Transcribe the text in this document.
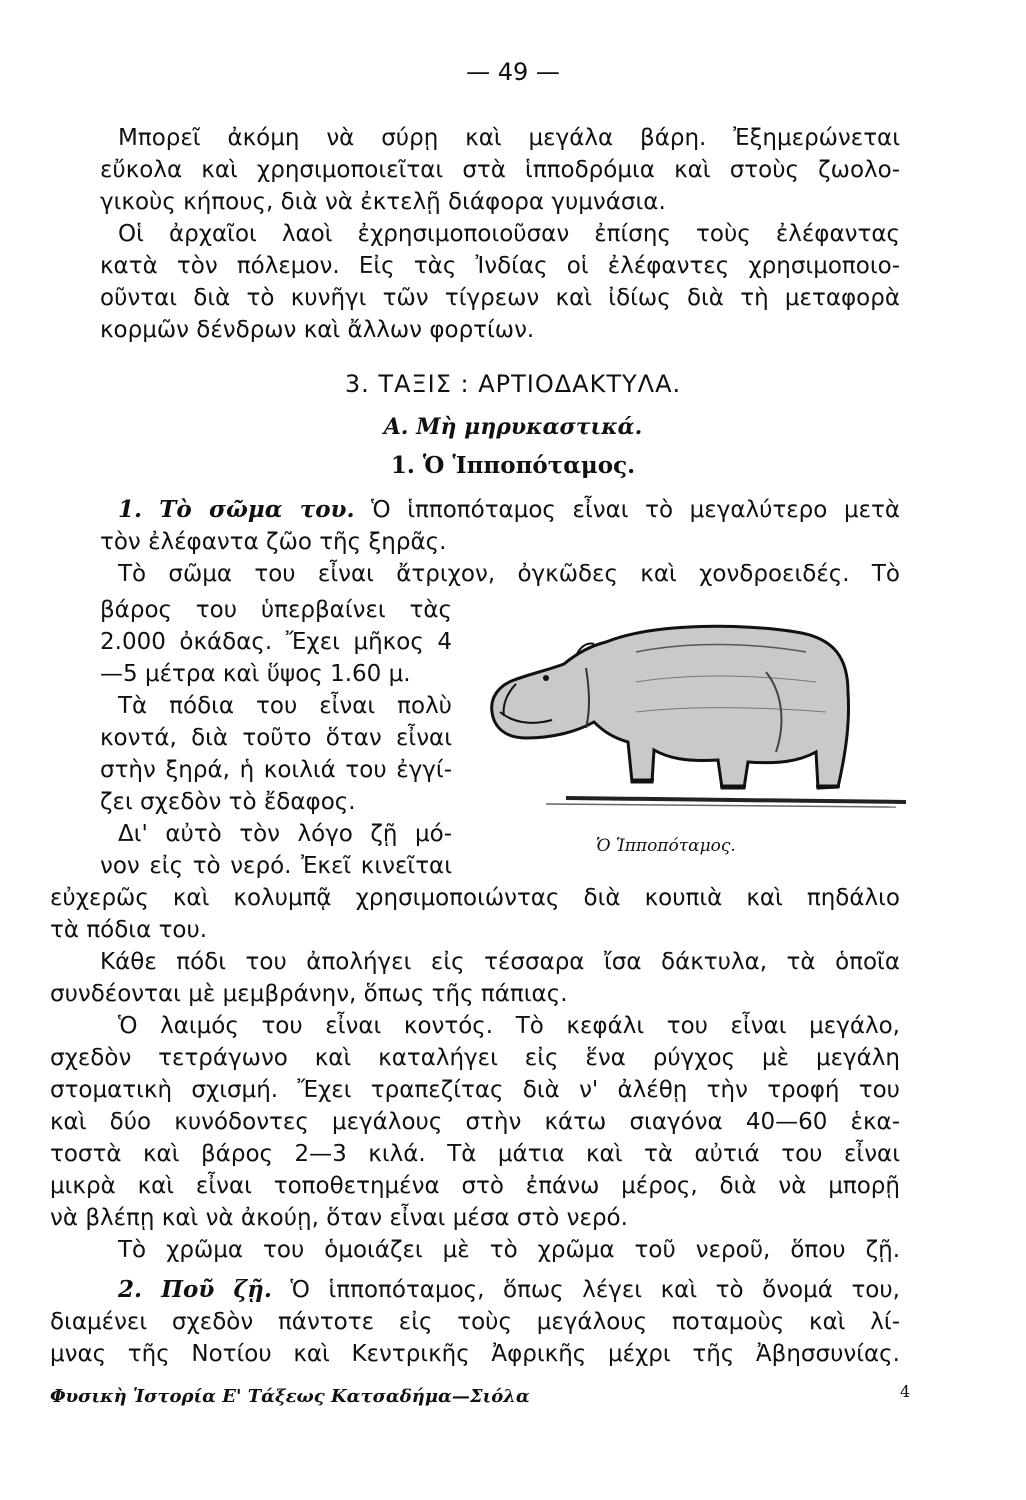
— 49 —
Μπορεῖ ἀκόμη νὰ σύρῃ καὶ μεγάλα βάρη. Ἐξημερώνεται
εὔκολα καὶ χρησιμοποιεῖται στὰ ἱπποδρόμια καὶ στοὺς ζωολο-
γικοὺς κήπους, διὰ νὰ ἐκτελῇ διάφορα γυμνάσια.
Οἱ ἀρχαῖοι λαοὶ ἐχρησιμοποιοῦσαν ἐπίσης τοὺς ἐλέφαντας
κατὰ τὸν πόλεμον. Εἰς τὰς Ἰνδίας οἱ ἐλέφαντες χρησιμοποιο-
οῦνται διὰ τὸ κυνῆγι τῶν τίγρεων καὶ ἰδίως διὰ τὴ μεταφορὰ
κορμῶν δένδρων καὶ ἄλλων φορτίων.
3. ΤΑΞΙΣ : ΑΡΤΙΟΔΑΚΤΥΛΑ.
Α. Μὴ μηρυκαστικά.
1. Ὁ Ἱπποπόταμος.
1. Τὸ σῶμα του. Ὁ ἱπποπόταμος εἶναι τὸ μεγαλύτερο μετὰ
τὸν ἐλέφαντα ζῶο τῆς ξηρᾶς.
Τὸ σῶμα του εἶναι ἄτριχον, ὀγκῶδες καὶ χονδροειδές. Τὸ
βάρος του ὑπερβαίνει τὰς
2.000 ὀκάδας. Ἔχει μῆκος 4
—5 μέτρα καὶ ὕψος 1.60 μ.
Τὰ πόδια του εἶναι πολὺ
κοντά, διὰ τοῦτο ὅταν εἶναι
στὴν ξηρά, ἡ κοιλιά του ἐγγί-
ζει σχεδὸν τὸ ἔδαφος.
Δι' αὐτὸ τὸν λόγο ζῇ μό-
νον εἰς τὸ νερό. Ἐκεῖ κινεῖται
Ὁ Ἱπποπόταμος.
εὐχερῶς καὶ κολυμπᾷ χρησιμοποιώντας διὰ κουπιὰ καὶ πηδάλιο
τὰ πόδια του.
Κάθε πόδι του ἀπολήγει εἰς τέσσαρα ἴσα δάκτυλα, τὰ ὁποῖα
συνδέονται μὲ μεμβράνην, ὅπως τῆς πάπιας.
Ὁ λαιμός του εἶναι κοντός. Τὸ κεφάλι του εἶναι μεγάλο,
σχεδὸν τετράγωνο καὶ καταλήγει εἰς ἕνα ρύγχος μὲ μεγάλη
στοματικὴ σχισμή. Ἔχει τραπεζίτας διὰ ν' ἀλέθῃ τὴν τροφή του
καὶ δύο κυνόδοντες μεγάλους στὴν κάτω σιαγόνα 40—60 ἑκα-
τοστὰ καὶ βάρος 2—3 κιλά. Τὰ μάτια καὶ τὰ αὐτιά του εἶναι
μικρὰ καὶ εἶναι τοποθετημένα στὸ ἐπάνω μέρος, διὰ νὰ μπορῇ
νὰ βλέπῃ καὶ νὰ ἀκούῃ, ὅταν εἶναι μέσα στὸ νερό.
Τὸ χρῶμα του ὁμοιάζει μὲ τὸ χρῶμα τοῦ νεροῦ, ὅπου ζῇ.
2. Ποῦ ζῇ. Ὁ ἱπποπόταμος, ὅπως λέγει καὶ τὸ ὄνομά του,
διαμένει σχεδὸν πάντοτε εἰς τοὺς μεγάλους ποταμοὺς καὶ λί-
μνας τῆς Νοτίου καὶ Κεντρικῆς Ἀφρικῆς μέχρι τῆς Ἀβησσυνίας.
Φυσικὴ Ἱστορία Ε' Τάξεως Κατσαδήμα—Σιόλα	4
